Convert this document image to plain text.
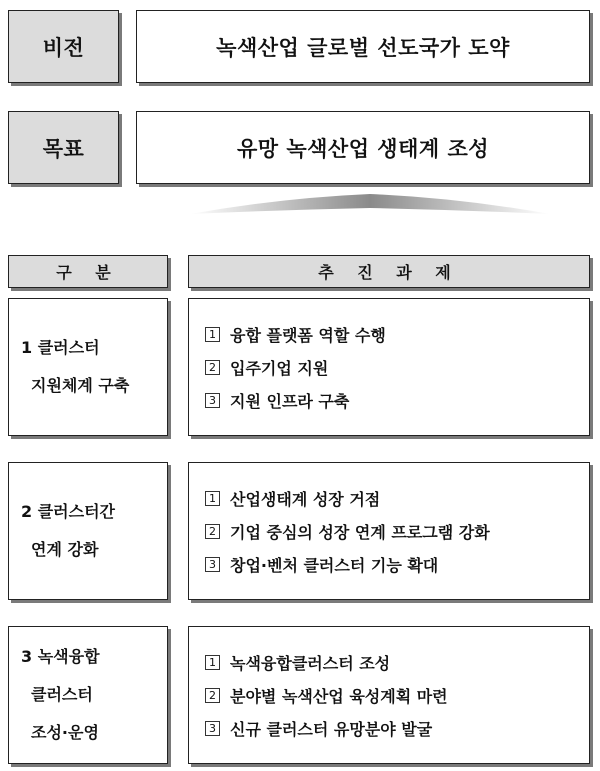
비전	녹색산업 글로벌 선도국가 도약
목표	유망 녹색산업 생태계 조성
구 분	추 진 과 제
1 클러스터
지원체계 구축
1 융합 플랫폼 역할 수행
2 입주기업 지원
3 지원 인프라 구축
2 클러스터간
연계 강화
1 산업생태계 성장 거점
2 기업 중심의 성장 연계 프로그램 강화
3 창업·벤처 클러스터 기능 확대
3 녹색융합
클러스터
조성·운영
1 녹색융합클러스터 조성
2 분야별 녹색산업 육성계획 마련
3 신규 클러스터 유망분야 발굴
